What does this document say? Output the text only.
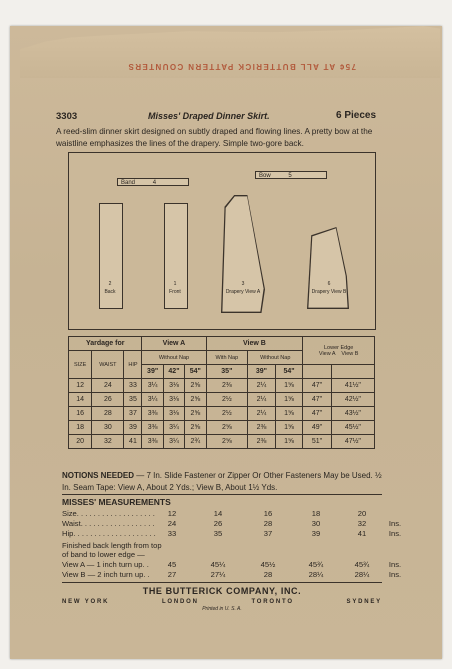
75¢ AT ALL BUTTERICK PATTERN COUNTERS
3303	Misses' Draped Dinner Skirt.	6 Pieces
A reed-slim dinner skirt designed on subtly draped and flowing lines. A pretty bow at the waistline emphasizes the lines of the drapery. Simple two-gore back.
Band	4
Bow	5
2
Back
1
Front
3
Drapery View A
6
Drapery View B
Yardage for			View A			View B			Lower Edge
View A View B	
SIZE	WAIST	HIP	Without Nap			With Nap	Without Nap			
			39"	42"	54"	35"	39"	54"		
12	24	33	3¼	3⅛	2⅝	2⅜	2¼	1⅝	47"	41½"
14	26	35	3¼	3⅛	2⅝	2½	2¼	1⅝	47"	42½"
16	28	37	3⅜	3⅛	2⅝	2½	2¼	1⅝	47"	43½"
18	30	39	3⅜	3¼	2⅝	2⅝	2⅜	1⅝	49"	45½"
20	32	41	3⅜	3¼	2¾	2⅝	2⅜	1⅝	51"	47½"
NOTIONS NEEDED — 7 In. Slide Fastener or Zipper Or Other Fasteners May be Used. ½ In. Seam Tape: View A, About 2 Yds.; View B, About 1½ Yds.
MISSES' MEASUREMENTS
Size. . . . . . . . . . . . . . . . . . .	12	14	16	18	20
Waist. . . . . . . . . . . . . . . . . .	24	26	28	30	32	Ins.
Hip. . . . . . . . . . . . . . . . . . . .	33	35	37	39	41	Ins.
Finished back length from top
of band to lower edge —
View A — 1 inch turn up. .	45	45¼	45½	45¾	45¾	Ins.
View B — 2 inch turn up. .	27	27¼	28	28¼	28¼	Ins.
THE BUTTERICK COMPANY, INC.
NEW YORK	LONDON	TORONTO	SYDNEY
Printed in U. S. A.
